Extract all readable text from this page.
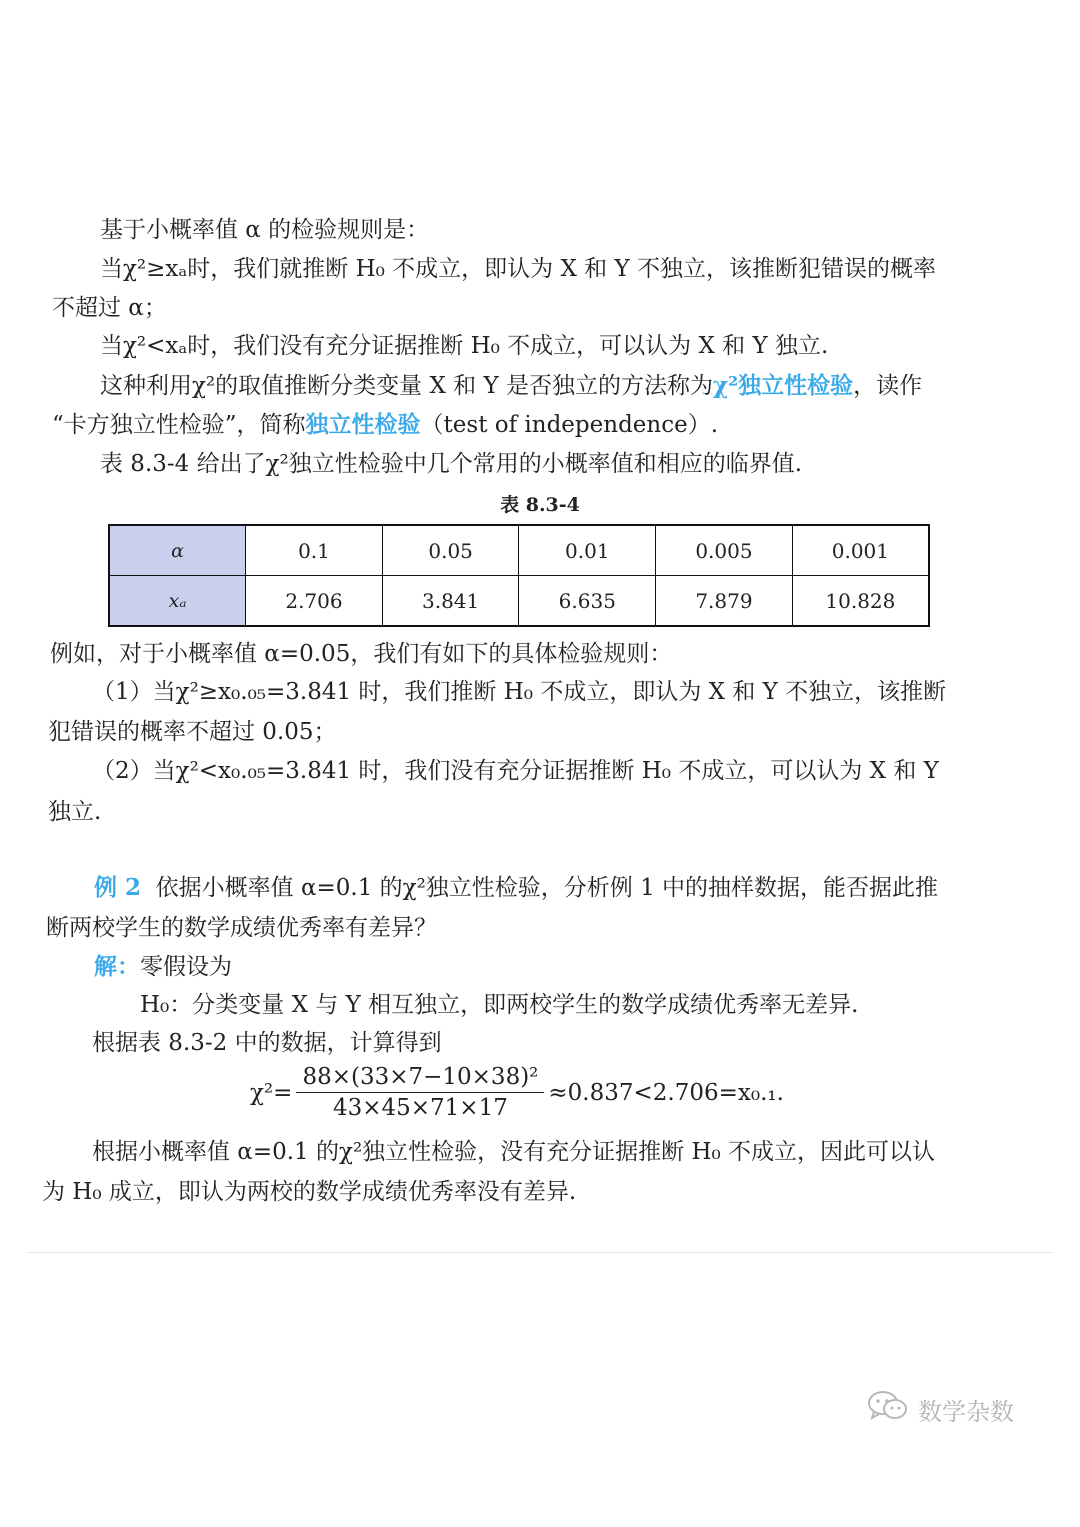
基于小概率值 α 的检验规则是：

当χ²≥xₐ时，我们就推断 H₀ 不成立，即认为 X 和 Y 不独立，该推断犯错误的概率

不超过 α；

当χ²<xₐ时，我们没有充分证据推断 H₀ 不成立，可以认为 X 和 Y 独立.

这种利用χ²的取值推断分类变量 X 和 Y 是否独立的方法称为χ²独立性检验，读作

“卡方独立性检验”，简称独立性检验（test of independence）.

表 8.3-4 给出了χ²独立性检验中几个常用的小概率值和相应的临界值.

表 8.3-4
α	0.1	0.05	0.01	0.005	0.001
xₐ	2.706	3.841	6.635	7.879	10.828

例如，对于小概率值 α=0.05，我们有如下的具体检验规则：

（1）当χ²≥x₀.₀₅=3.841 时，我们推断 H₀ 不成立，即认为 X 和 Y 不独立，该推断

犯错误的概率不超过 0.05；

（2）当χ²<x₀.₀₅=3.841 时，我们没有充分证据推断 H₀ 不成立，可以认为 X 和 Y

独立.

例 2 依据小概率值 α=0.1 的χ²独立性检验，分析例 1 中的抽样数据，能否据此推

断两校学生的数学成绩优秀率有差异？

解：零假设为

H₀：分类变量 X 与 Y 相互独立，即两校学生的数学成绩优秀率无差异.

根据表 8.3-2 中的数据，计算得到

$\chi^2= \frac{\text{88×(33×7−10×38)²}}{43\times 45\times 71\times 17} \approx 0.837<2.706=x_0._1$.

根据小概率值 α=0.1 的χ²独立性检验，没有充分证据推断 H₀ 不成立，因此可以认

为 H₀ 成立，即认为两校的数学成绩优秀率没有差异.

数学杂数
